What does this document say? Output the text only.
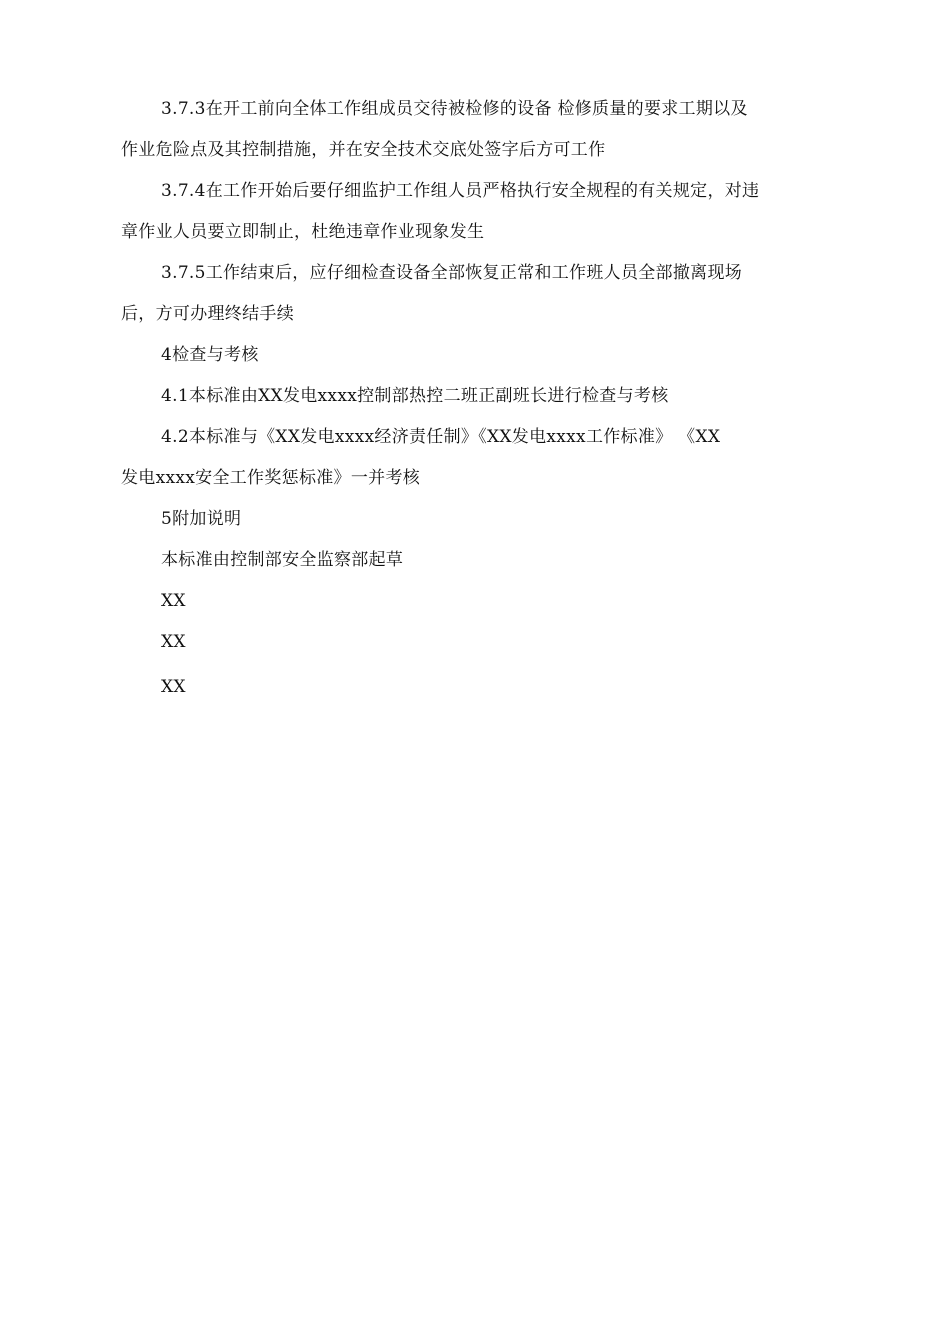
3.7.3在开工前向全体工作组成员交待被检修的设备 检修质量的要求工期以及
作业危险点及其控制措施，并在安全技术交底处签字后方可工作
3.7.4在工作开始后要仔细监护工作组人员严格执行安全规程的有关规定，对违
章作业人员要立即制止，杜绝违章作业现象发生
3.7.5工作结束后，应仔细检查设备全部恢复正常和工作班人员全部撤离现场
后，方可办理终结手续
4检查与考核
4.1本标准由XX发电xxxx控制部热控二班正副班长进行检查与考核
4.2本标准与《XX发电xxxx经济责任制》《XX发电xxxx工作标准》 《XX
发电xxxx安全工作奖惩标准》一并考核
5附加说明
本标准由控制部安全监察部起草
XX
XX
XX
